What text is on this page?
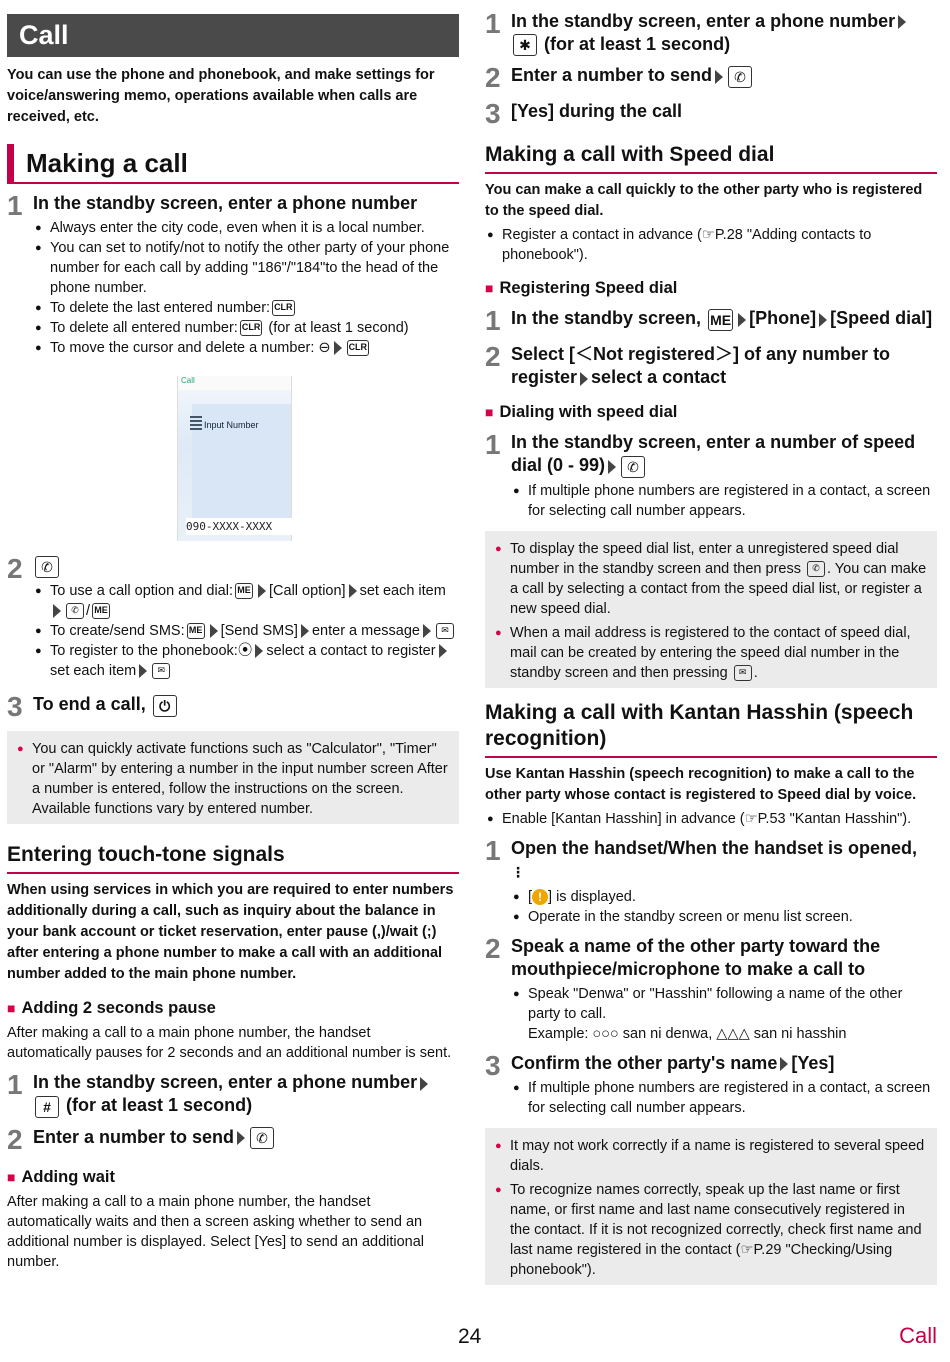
Call

You can use the phone and phonebook, and make settings for voice/answering memo, operations available when calls are received, etc.

Making a call
1 In the standby screen, enter a phone number
● Always enter the city code, even when it is a local number.
● You can set to notify/not to notify the other party of your phone number for each call by adding "186"/"184"to the head of the phone number.
● To delete the last entered number: CLR
● To delete all entered number: CLR (for at least 1 second)
● To move the cursor and delete a number: ⊖ CLR
Call
Input Number
090-XXXX-XXXX
2	✆
● To use a call option and dial: ME [Call option] set each item✆ / ME
● To create/send SMS: ME [Send SMS] enter a message ✉
● To register to the phonebook:⦿ select a contact to registerset each item ✉
3 To end a call, ⏻
● You can quickly activate functions such as "Calculator", "Timer" or "Alarm" by entering a number in the input number screen After a number is entered, follow the instructions on the screen. Available functions vary by entered number.
Entering touch-tone signals
When using services in which you are required to enter numbers additionally during a call, such as inquiry about the balance in your bank account or ticket reservation, enter pause (,)/wait (;) after entering a phone number to make a call with an additional number added to the main phone number.
■ Adding 2 seconds pause
After making a call to a main phone number, the handset automatically pauses for 2 seconds and an additional number is sent.
1 In the standby screen, enter a phone number
# (for at least 1 second)
2 Enter a number to send ✆
■ Adding wait
After making a call to a main phone number, the handset automatically waits and then a screen asking whether to send an additional number is displayed. Select [Yes] to send an additional number.
1 In the standby screen, enter a phone number
✱ (for at least 1 second)
2 Enter a number to send ✆
3 [Yes] during the call
Making a call with Speed dial
You can make a call quickly to the other party who is registered to the speed dial.
● Register a contact in advance (☞P.28 "Adding contacts to phonebook").
■ Registering Speed dial
1 In the standby screen, ME [Phone] [Speed dial]
2 Select [＜Not registered＞] of any number to register select a contact
■ Dialing with speed dial
1 In the standby screen, enter a number of speed dial (0 - 99) ✆
● If multiple phone numbers are registered in a contact, a screen for selecting call number appears.
● To display the speed dial list, enter a unregistered speed dial number in the standby screen and then press ✆ . You can make a call by selecting a contact from the speed dial list, or register a new speed dial.
● When a mail address is registered to the contact of speed dial, mail can be created by entering the speed dial number in the standby screen and then pressing ✉ .
Making a call with Kantan Hasshin (speech recognition)
Use Kantan Hasshin (speech recognition) to make a call to the other party whose contact is registered to Speed dial by voice.
● Enable [Kantan Hasshin] in advance (☞P.53 "Kantan Hasshin").
1 Open the handset/When the handset is opened,
⋮
● [ ! ] is displayed.
● Operate in the standby screen or menu list screen.
2 Speak a name of the other party toward the mouthpiece/microphone to make a call to
● Speak "Denwa" or "Hasshin" following a name of the other party to call.
Example: ○○○ san ni denwa, △△△ san ni hasshin
3 Confirm the other party's name [Yes]
● If multiple phone numbers are registered in a contact, a screen for selecting call number appears.
● It may not work correctly if a name is registered to several speed dials.
● To recognize names correctly, speak up the last name or first name, or first name and last name consecutively registered in the contact. If it is not recognized correctly, check first name and last name registered in the contact (☞P.29 "Checking/Using phonebook").
24	Call
